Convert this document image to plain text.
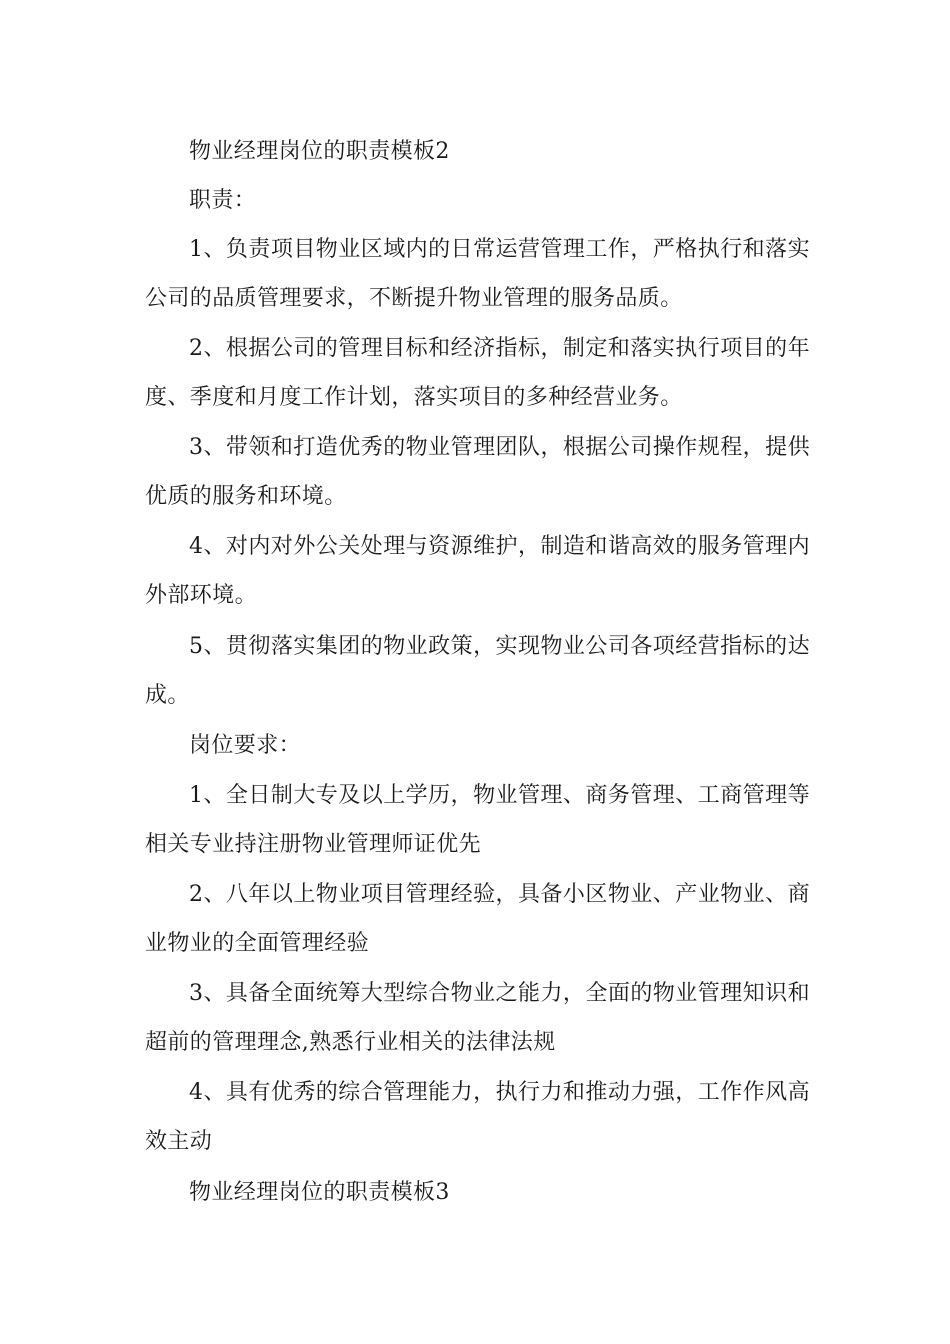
物业经理岗位的职责模板2

职责：

1、负责项目物业区域内的日常运营管理工作，严格执行和落实公司的品质管理要求，不断提升物业管理的服务品质。

2、根据公司的管理目标和经济指标，制定和落实执行项目的年度、季度和月度工作计划，落实项目的多种经营业务。

3、带领和打造优秀的物业管理团队，根据公司操作规程，提供优质的服务和环境。

4、对内对外公关处理与资源维护，制造和谐高效的服务管理内外部环境。

5、贯彻落实集团的物业政策，实现物业公司各项经营指标的达成。

岗位要求：

1、全日制大专及以上学历，物业管理、商务管理、工商管理等相关专业持注册物业管理师证优先

2、八年以上物业项目管理经验，具备小区物业、产业物业、商业物业的全面管理经验

3、具备全面统筹大型综合物业之能力，全面的物业管理知识和超前的管理理念,熟悉行业相关的法律法规

4、具有优秀的综合管理能力，执行力和推动力强，工作作风高效主动

物业经理岗位的职责模板3
